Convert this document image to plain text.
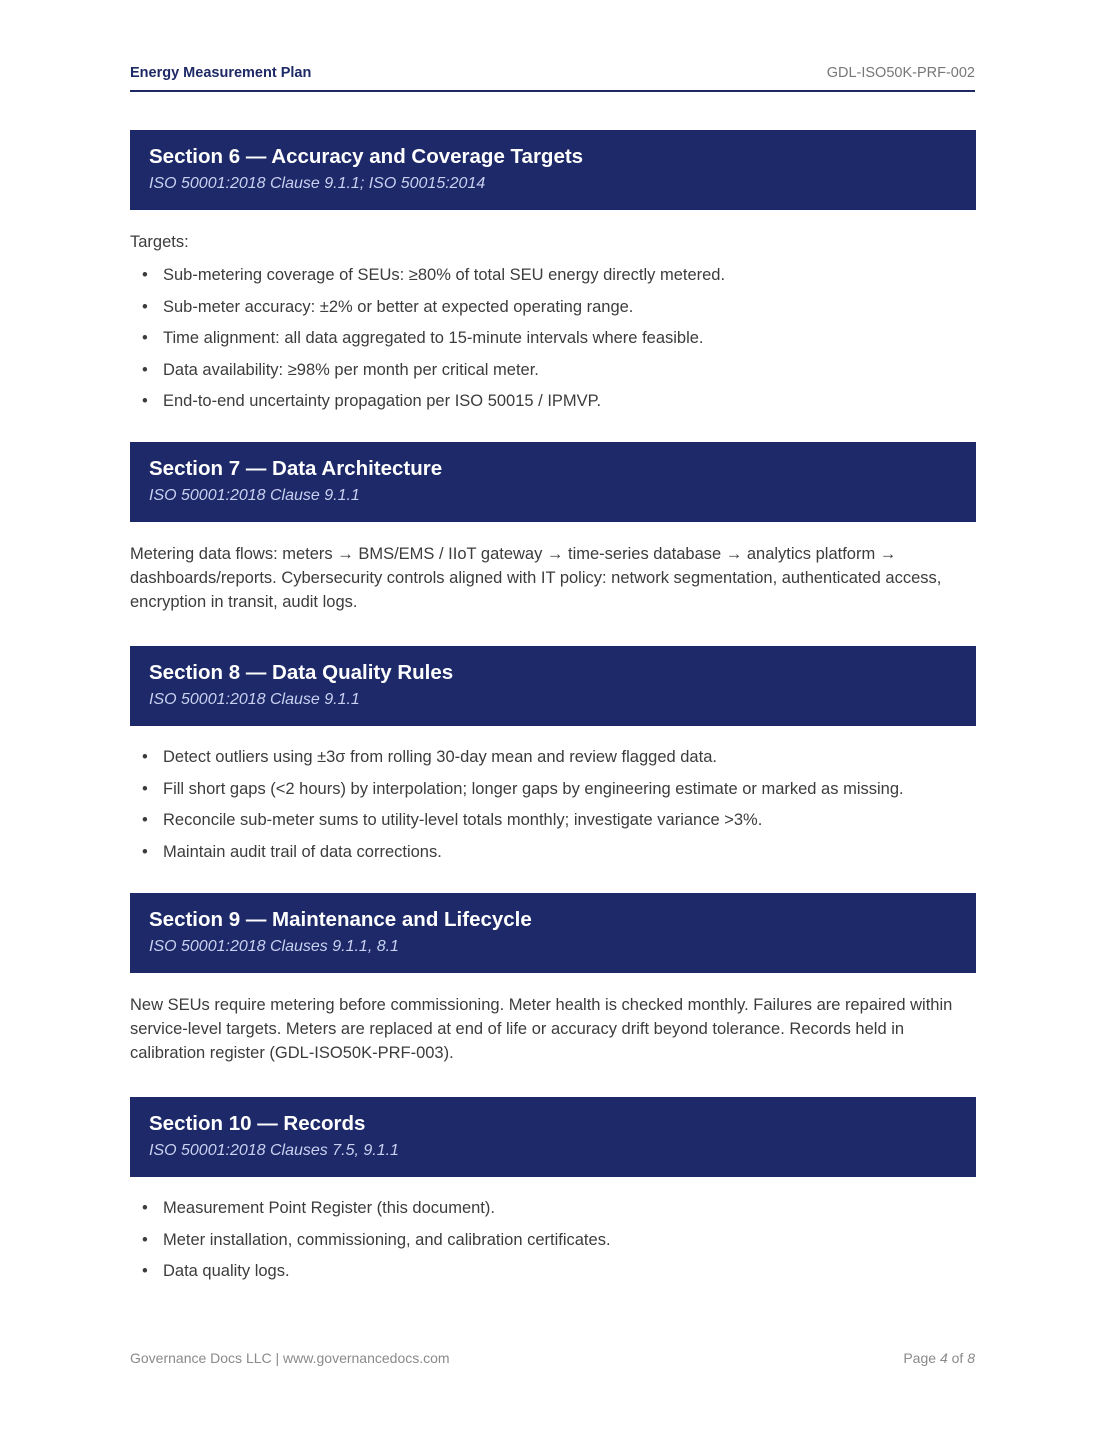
Energy Measurement Plan	GDL-ISO50K-PRF-002
Section 6 — Accuracy and Coverage Targets
ISO 50001:2018 Clause 9.1.1; ISO 50015:2014
Targets:
• Sub-metering coverage of SEUs: ≥80% of total SEU energy directly metered.
• Sub-meter accuracy: ±2% or better at expected operating range.
• Time alignment: all data aggregated to 15-minute intervals where feasible.
• Data availability: ≥98% per month per critical meter.
• End-to-end uncertainty propagation per ISO 50015 / IPMVP.
Section 7 — Data Architecture
ISO 50001:2018 Clause 9.1.1
Metering data flows: meters → BMS/EMS / IIoT gateway → time-series database → analytics platform → dashboards/reports. Cybersecurity controls aligned with IT policy: network segmentation, authenticated access, encryption in transit, audit logs.
Section 8 — Data Quality Rules
ISO 50001:2018 Clause 9.1.1
• Detect outliers using ±3σ from rolling 30-day mean and review flagged data.
• Fill short gaps (<2 hours) by interpolation; longer gaps by engineering estimate or marked as missing.
• Reconcile sub-meter sums to utility-level totals monthly; investigate variance >3%.
• Maintain audit trail of data corrections.
Section 9 — Maintenance and Lifecycle
ISO 50001:2018 Clauses 9.1.1, 8.1
New SEUs require metering before commissioning. Meter health is checked monthly. Failures are repaired within service-level targets. Meters are replaced at end of life or accuracy drift beyond tolerance. Records held in calibration register (GDL-ISO50K-PRF-003).
Section 10 — Records
ISO 50001:2018 Clauses 7.5, 9.1.1
• Measurement Point Register (this document).
• Meter installation, commissioning, and calibration certificates.
• Data quality logs.
Governance Docs LLC | www.governancedocs.com	Page 4 of 8
